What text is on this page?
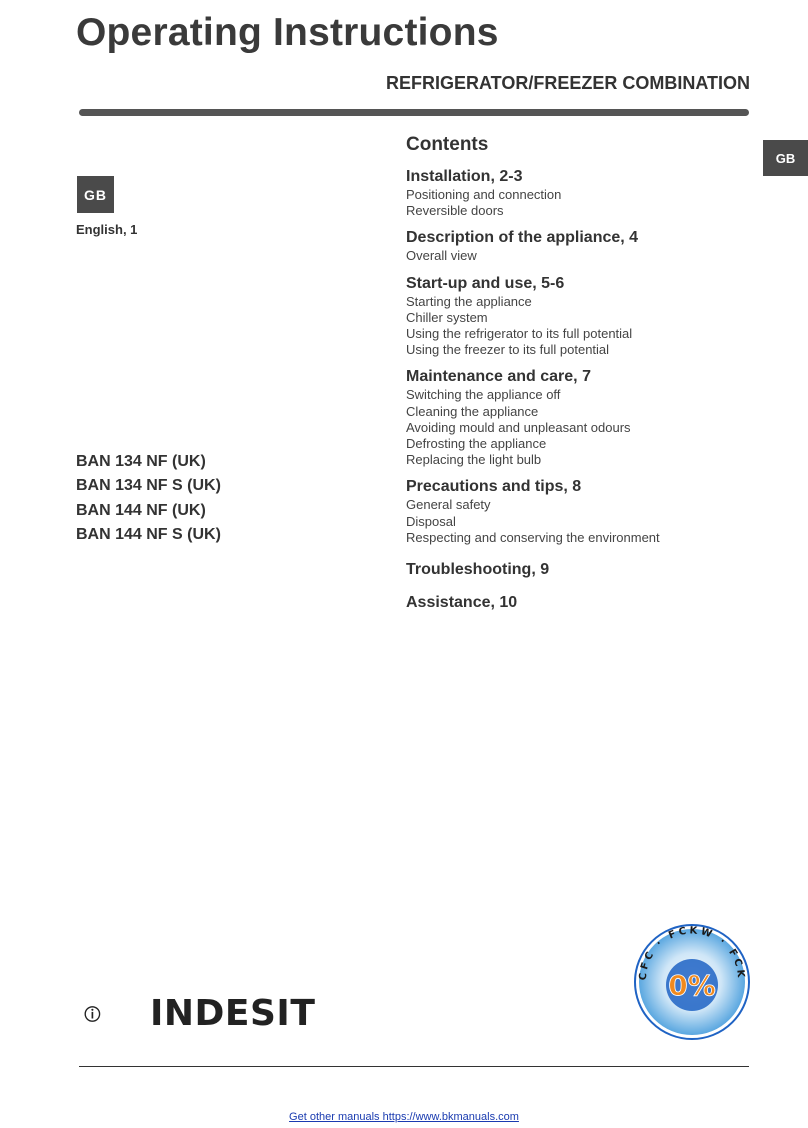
Operating Instructions
REFRIGERATOR/FREEZER COMBINATION
GB
GB
English, 1
BAN 134 NF (UK)
BAN 134 NF S (UK)
BAN 144 NF (UK)
BAN 144 NF S (UK)
Contents
Installation, 2-3
Positioning and connection
Reversible doors
Description of the appliance, 4
Overall view
Start-up and use, 5-6
Starting the appliance
Chiller system
Using the refrigerator to its full potential
Using the freezer to its full potential
Maintenance and care, 7
Switching the appliance off
Cleaning the appliance
Avoiding mould and unpleasant odours
Defrosting the appliance
Replacing the light bulb
Precautions and tips, 8
General safety
Disposal
Respecting and conserving the environment
Troubleshooting, 9
Assistance, 10
INDESIT
CFC · FCKW · FCK
0%
Get other manuals https://www.bkmanuals.com
